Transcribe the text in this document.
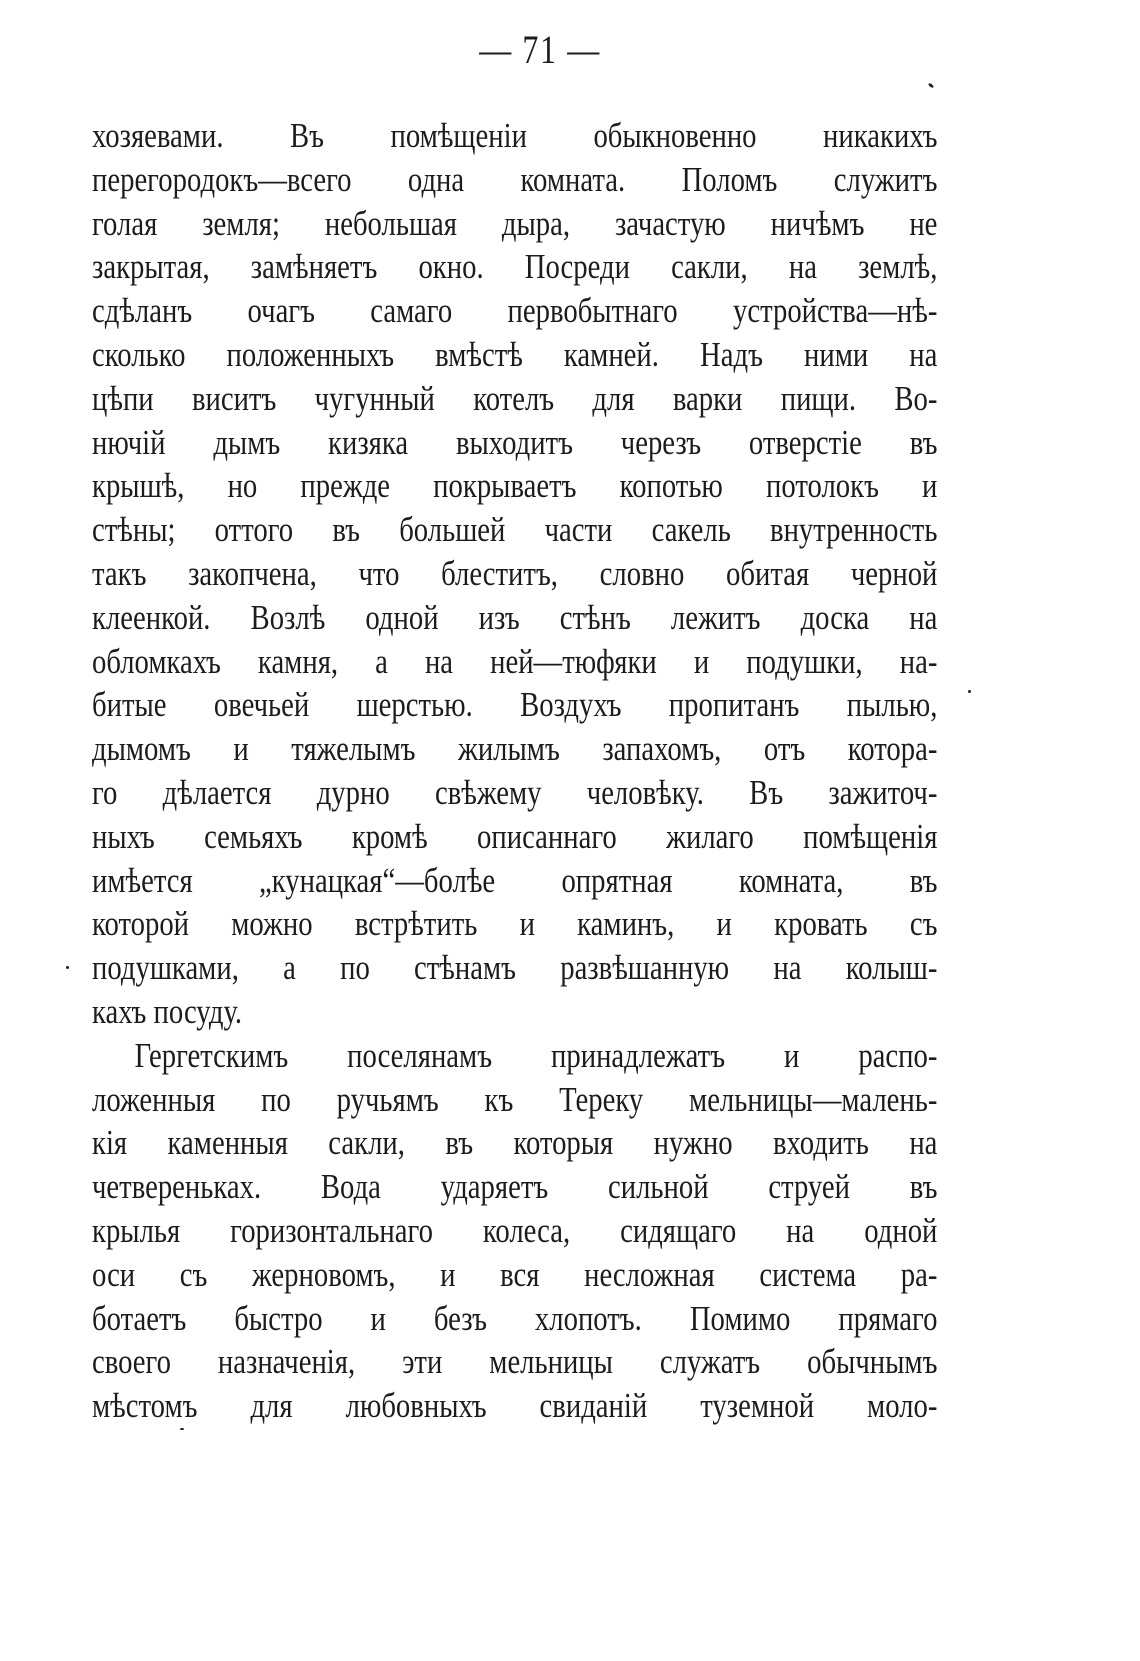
— 71 —
хозяевами. Въ помѣщеніи обыкновенно никакихъ
перегородокъ—всего одна комната. Поломъ служитъ
голая земля; небольшая дыра, зачастую ничѣмъ не
закрытая, замѣняетъ окно. Посреди сакли, на землѣ,
сдѣланъ очагъ самаго первобытнаго устройства—нѣ-
сколько положенныхъ вмѣстѣ камней. Надъ ними на
цѣпи виситъ чугунный котелъ для варки пищи. Во-
нючій дымъ кизяка выходитъ черезъ отверстіе въ
крышѣ, но прежде покрываетъ копотью потолокъ и
стѣны; оттого въ большей части сакель внутренность
такъ закопчена, что блеститъ, словно обитая черной
клеенкой. Возлѣ одной изъ стѣнъ лежитъ доска на
обломкахъ камня, а на ней—тюфяки и подушки, на-
битые овечьей шерстью. Воздухъ пропитанъ пылью,
дымомъ и тяжелымъ жилымъ запахомъ, отъ котора-
го дѣлается дурно свѣжему человѣку. Въ зажиточ-
ныхъ семьяхъ кромѣ описаннаго жилаго помѣщенія
имѣется „кунацкая“—болѣе опрятная комната, въ
которой можно встрѣтить и каминъ, и кровать съ
подушками, а по стѣнамъ развѣшанную на колыш-
кахъ посуду.
Гергетскимъ поселянамъ принадлежатъ и распо-
ложенныя по ручьямъ къ Тереку мельницы—малень-
кія каменныя сакли, въ которыя нужно входить на
четвереньках. Вода ударяетъ сильной струей въ
крылья горизонтальнаго колеса, сидящаго на одной
оси съ жерновомъ, и вся несложная система ра-
ботаетъ быстро и безъ хлопотъ. Помимо прямаго
своего назначенія, эти мельницы служатъ обычнымъ
мѣстомъ для любовныхъ свиданій туземной моло-
